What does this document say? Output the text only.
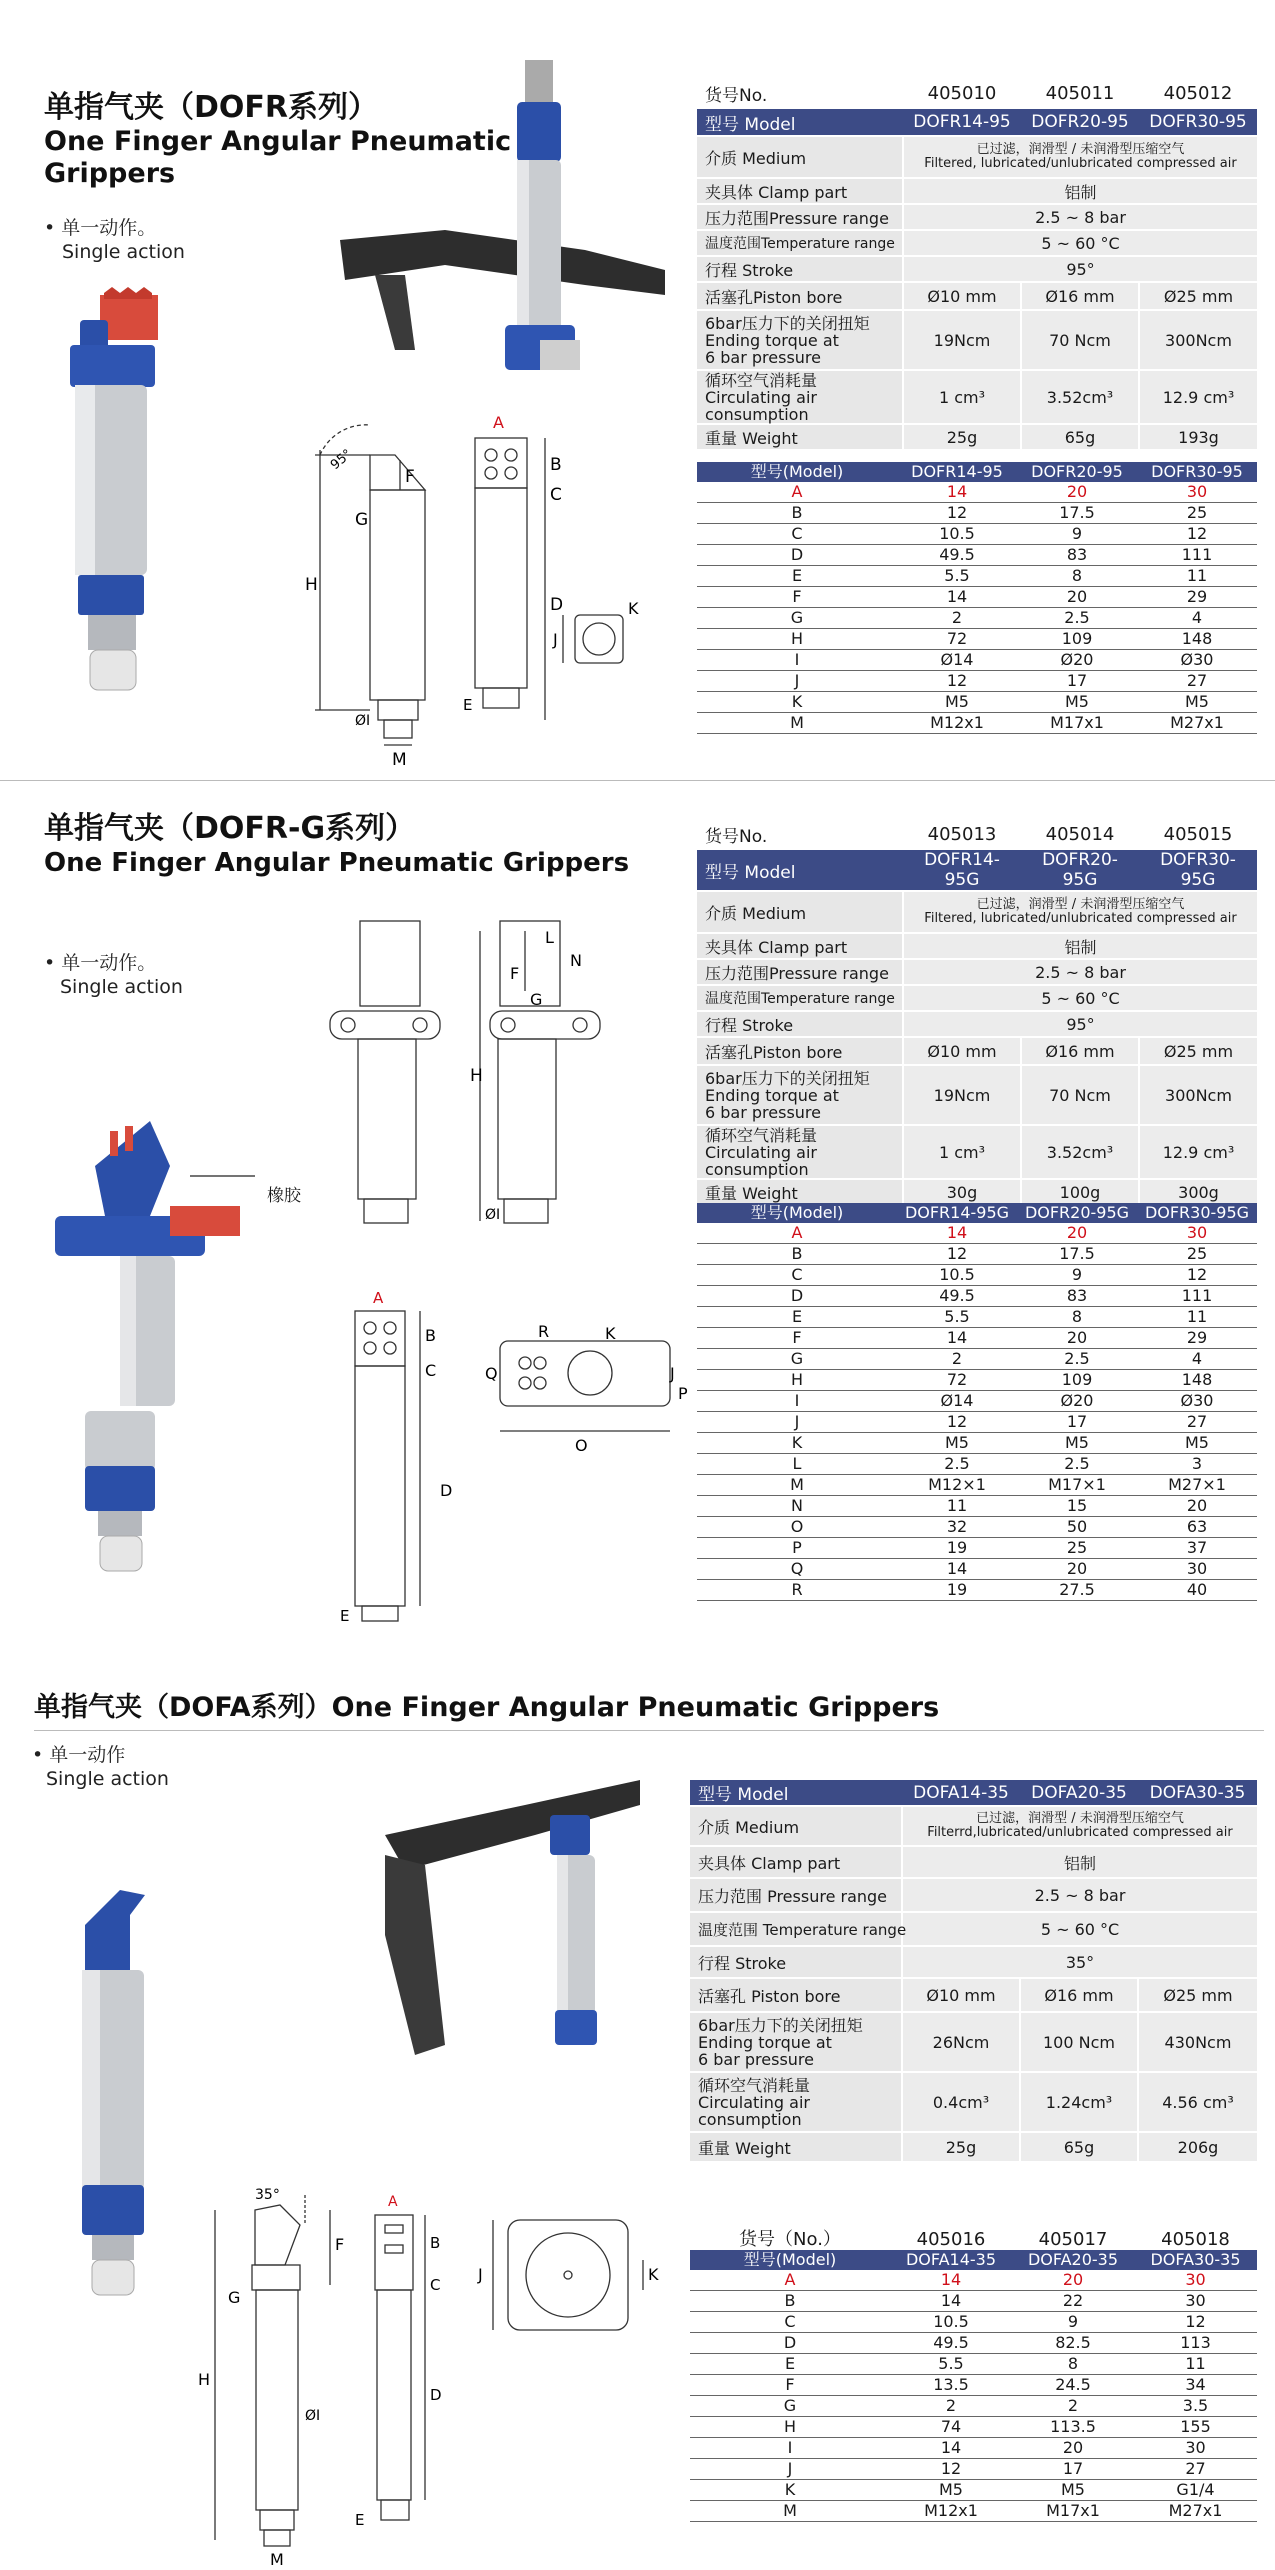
单指气夹（DOFR系列）
One Finger Angular Pneumatic
Grippers
• 单一动作。
Single action
95°
H
F
G
ØI
M
A
B
C
D
E
J
K
货号No.	405010	405011	405012
型号 Model	DOFR14-95	DOFR20-95	DOFR30-95
介质 Medium	已过滤，润滑型 / 未润滑型压缩空气
Filtered, lubricated/unlubricated compressed air		

夹具体 Clamp part	铝制		
压力范围Pressure range	2.5 ~ 8 bar		
温度范围Temperature range	5 ~ 60 °C		
行程 Stroke	95°		
活塞孔Piston bore	Ø10 mm	Ø16 mm	Ø25 mm

6bar压力下的关闭扭矩
Ending torque at
6 bar pressure	19Ncm	70 Ncm	300Ncm

循环空气消耗量
Circulating air
consumption	1 cm³	3.52cm³	12.9 cm³
重量 Weight	25g	65g	193g
型号(Model)	DOFR14-95	DOFR20-95	DOFR30-95
A	14	20	30
B	12	17.5	25
C	10.5	9	12
D	49.5	83	111
E	5.5	8	11
F	14	20	29
G	2	2.5	4
H	72	109	148
I	Ø14	Ø20	Ø30
J	12	17	27
K	M5	M5	M5
M	M12x1	M17x1	M27x1
单指气夹（DOFR-G系列）
One Finger Angular Pneumatic Grippers
• 单一动作。
Single action
橡胶
H
F
G
L
N
ØI
A
B
C
D
E
R	K
Q	J
P
O
货号No.	405013	405014	405015
型号 Model	DOFR14-95G	DOFR20-95G	DOFR30-95G
介质 Medium	已过滤，润滑型 / 未润滑型压缩空气
Filtered, lubricated/unlubricated compressed air		

夹具体 Clamp part	铝制		
压力范围Pressure range	2.5 ~ 8 bar		
温度范围Temperature range	5 ~ 60 °C		
行程 Stroke	95°		
活塞孔Piston bore	Ø10 mm	Ø16 mm	Ø25 mm

6bar压力下的关闭扭矩
Ending torque at
6 bar pressure	19Ncm	70 Ncm	300Ncm

循环空气消耗量
Circulating air
consumption	1 cm³	3.52cm³	12.9 cm³
重量 Weight	30g	100g	300g
型号(Model)	DOFR14-95G	DOFR20-95G	DOFR30-95G
A	14	20	30
B	12	17.5	25
C	10.5	9	12
D	49.5	83	111
E	5.5	8	11
F	14	20	29
G	2	2.5	4
H	72	109	148
I	Ø14	Ø20	Ø30
J	12	17	27
K	M5	M5	M5
L	2.5	2.5	3
M	M12×1	M17×1	M27×1
N	11	15	20
O	32	50	63
P	19	25	37
Q	14	20	30
R	19	27.5	40
单指气夹（DOFA系列）One Finger Angular Pneumatic Grippers
• 单一动作
Single action
35°
F
G
H
ØI
M
A
B
C
D
E
J	K
型号 Model	DOFA14-35	DOFA20-35	DOFA30-35
介质 Medium	已过滤，润滑型 / 未润滑型压缩空气
Filterrd,lubricated/unlubricated compressed air		

夹具体 Clamp part	铝制		
压力范围 Pressure range	2.5 ~ 8 bar		
温度范围 Temperature range	5 ~ 60 °C		
行程 Stroke	35°		
活塞孔 Piston bore	Ø10 mm	Ø16 mm	Ø25 mm

6bar压力下的关闭扭矩
Ending torque at
6 bar pressure	26Ncm	100 Ncm	430Ncm

循环空气消耗量
Circulating air
consumption	0.4cm³	1.24cm³	4.56 cm³
重量 Weight	25g	65g	206g
货号（No.）	405016	405017	405018
型号(Model)	DOFA14-35	DOFA20-35	DOFA30-35
A	14	20	30
B	14	22	30
C	10.5	9	12
D	49.5	82.5	113
E	5.5	8	11
F	13.5	24.5	34
G	2	2	3.5
H	74	113.5	155
I	14	20	30
J	12	17	27
K	M5	M5	G1/4
M	M12x1	M17x1	M27x1
